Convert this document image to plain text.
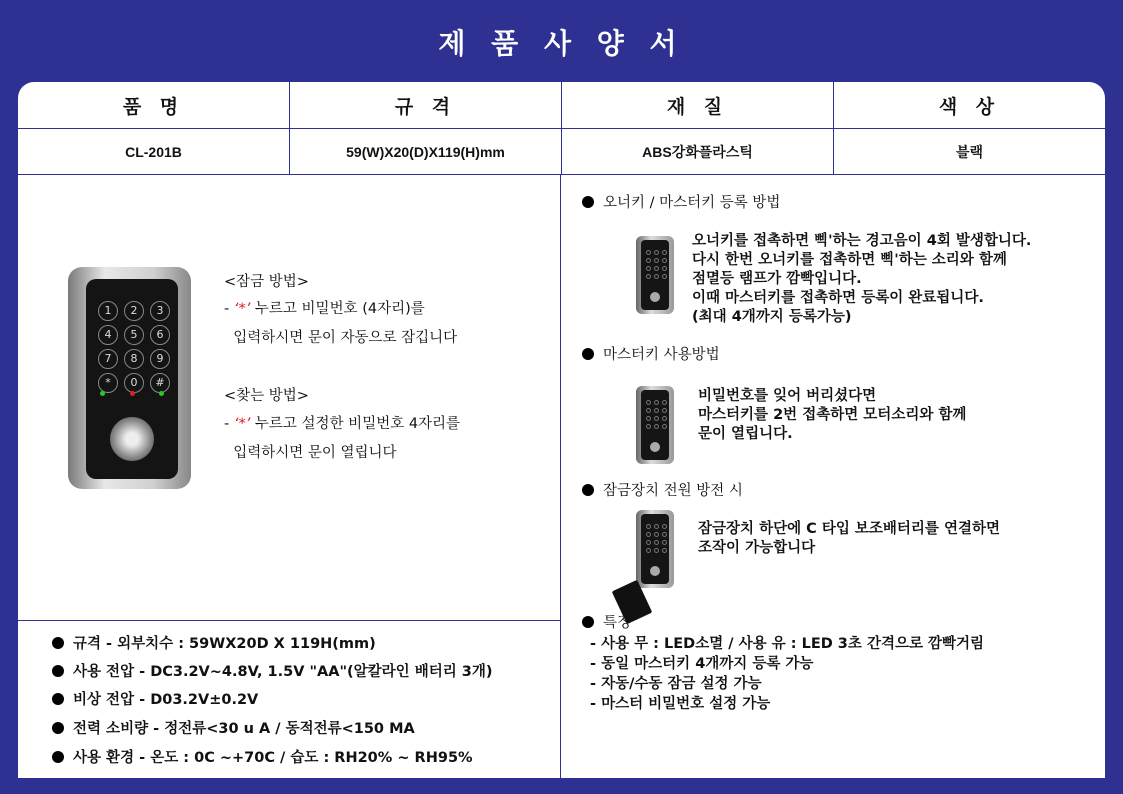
제 품 사 양 서
품 명	규 격	재 질	색 상
CL-201B	59(W)X20(D)X119(H)mm	ABS강화플라스틱	블랙
1	2	3
4	5	6
7	8	9
*	0	#
<잠금 방법>
- ‘*’ 누르고 비밀번호 (4자리)를
입력하시면 문이 자동으로 잠깁니다
<찾는 방법>
- ‘*’ 누르고 설정한 비밀번호 4자리를
입력하시면 문이 열립니다
규격 - 외부치수 : 59WX20D X 119H(mm)
사용 전압 - DC3.2V~4.8V, 1.5V "AA"(알칼라인 배터리 3개)
비상 전압 - D03.2V±0.2V
전력 소비량 - 정전류<30 u A / 동적전류<150 MA
사용 환경 - 온도 : 0C ~+70C / 습도 : RH20% ~ RH95%
오너키 / 마스터키 등록 방법
오너키를 접촉하면 삑'하는 경고음이 4회 발생합니다.
다시 한번 오너키를 접촉하면 삑'하는 소리와 함께
점멸등 램프가 깜빡입니다.
이때 마스터키를 접촉하면 등록이 완료됩니다.
(최대 4개까지 등록가능)
마스터키 사용방법
비밀번호를 잊어 버리셨다면
마스터키를 2번 접촉하면 모터소리와 함께
문이 열립니다.
잠금장치 전원 방전 시
잠금장치 하단에 C 타입 보조배터리를 연결하면
조작이 가능합니다
특징
- 사용 무 : LED소멸 / 사용 유 : LED 3초 간격으로 깜빡거림
- 동일 마스터키 4개까지 등록 가능
- 자동/수동 잠금 설정 가능
- 마스터 비밀번호 설정 가능
